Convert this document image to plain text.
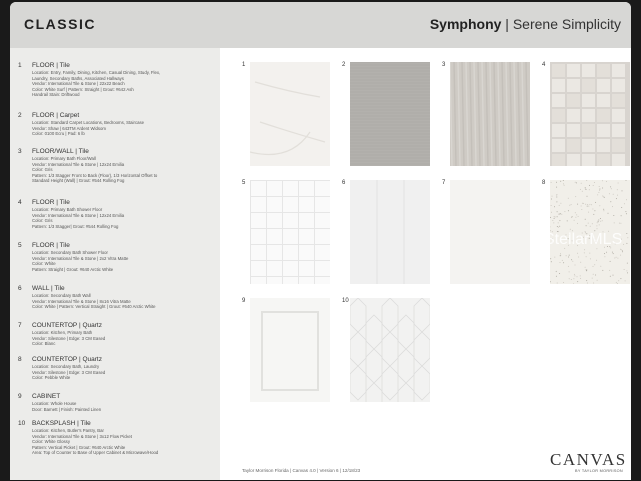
CLASSIC	Symphony | Serene Simplicity
1 FLOOR | Tile
Location: Entry, Family, Dining, Kitchen, Casual Dining, Study, Flex,
Laundry, Secondary Baths, Associated Hallways
Vendor: International Tile & Stone | 22x22 Beach
Color: White Surf | Pattern: Straight | Grout: #642 Ash
Handrail Stain: Driftwood
2 FLOOR | Carpet
Location: Standard Carpet Locations, Bedrooms, Staircase
Vendor: Shaw | 643TM Ardent Widsom
Color: 0100 Ecru | Pad: 6 lb
3 FLOOR/WALL | Tile
Location: Primary Bath Floor/Wall
Vendor: International Tile & Stone | 12x24 Emilia
Color: Gris
Pattern: 1/3 Stagger Front to Back (Floor), 1/3 Horizontal Offset to
Standard Height (Wall) | Grout: #544 Rolling Fog
4 FLOOR | Tile
Location: Primary Bath Shower Floor
Vendor: International Tile & Stone | 12x24 Emilia
Color: Gris
Pattern: 1/3 Stagger| Grout: #544 Rolling Fog
5 FLOOR | Tile
Location: Secondary Bath Shower Floor
Vendor: International Tile & Stone | 2x2 Vitra Matte
Color: White
Pattern: Straight | Grout: #640 Arctic White
6 WALL | Tile
Location: Secondary Bath Wall
Vendor: International Tile & Stone | 8x16 Vitra Matte
Color: White | Pattern: Vertical Straight | Grout: #640 Arctic White
7 COUNTERTOP | Quartz
Location: Kitchen, Primary Bath
Vendor: Silestone | Edge: 3 CM Eased
Color: Blanc
8 COUNTERTOP | Quartz
Location: Secondary Bath, Laundry
Vendor: Silestone | Edge: 3 CM Eased
Color: Pebble White
9 CABINET
Location: Whole House
Door: Barnett | Finish: Painted Linen
10 BACKSPLASH | Tile
Location: Kitchen, Butler's Pantry, Bar
Vendor: International Tile & Stone | 3x12 Flow Picket
Color: White Glossy
Pattern: Vertical Picket | Grout: #640 Arctic White
Area: Top of Counter to Base of Upper Cabinet & Microwave/Hood
1	2	3	4
5	6	7	8
9	10
StellarMLS
Taylor Morrison Florida | Canvas 4.0 | Version 6 | 12/18/23
CANVAS
BY TAYLOR MORRISON
